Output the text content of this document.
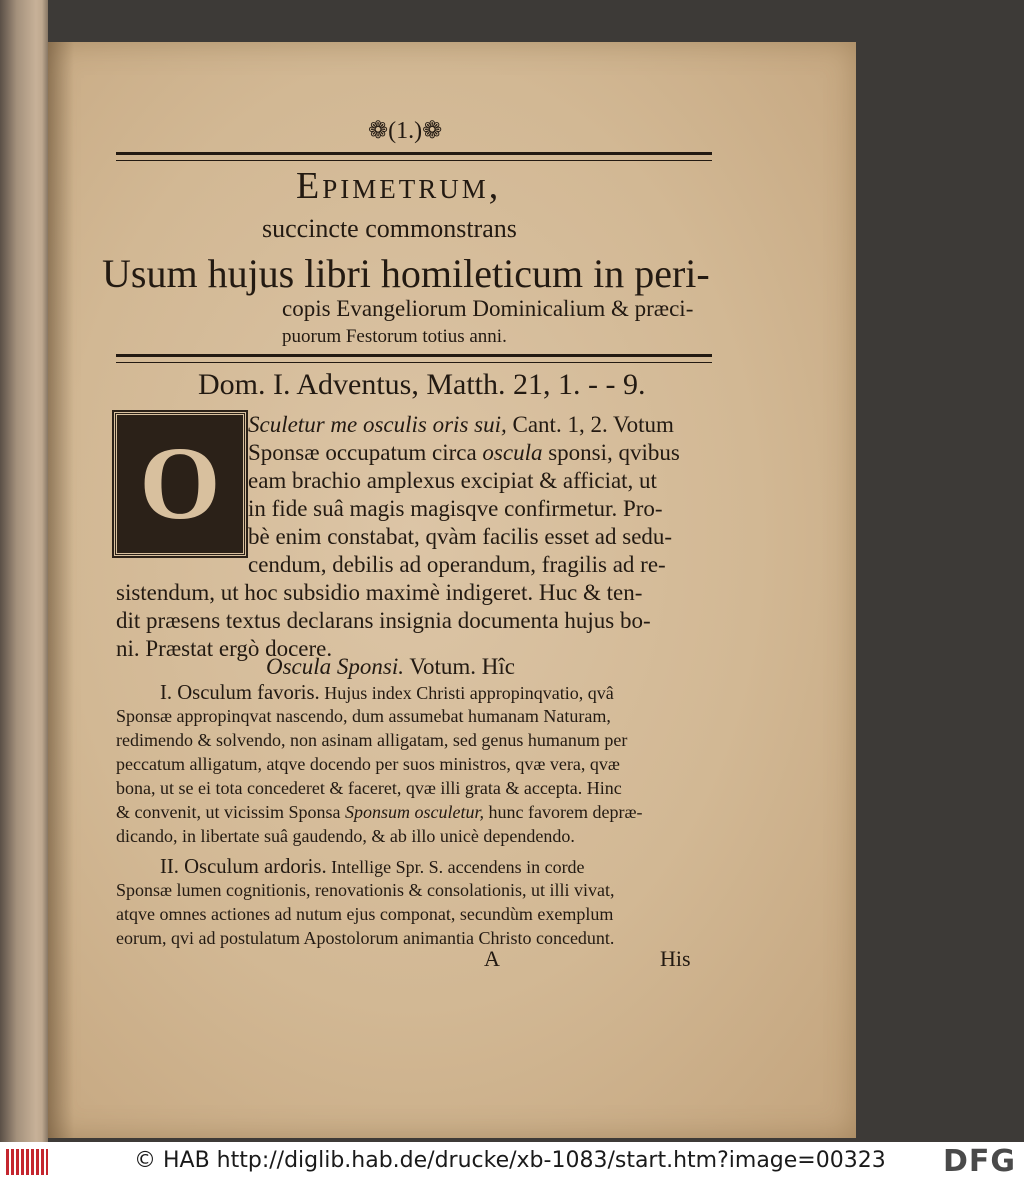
❁(1.)❁
Epimetrum,
succincte commonstrans
Usum hujus libri homileticum in peri-
copis Evangeliorum Dominicalium & præci-
puorum Festorum totius anni.
Dom. I. Adventus, Matth. 21, 1. - - 9.
O
Sculetur me osculis oris sui, Cant. 1, 2. Votum
Sponsæ occupatum circa oscula sponsi, qvibus
eam brachio amplexus excipiat & afficiat, ut
in fide suâ magis magisqve confirmetur. Pro-
bè enim constabat, qvàm facilis esset ad sedu-
cendum, debilis ad operandum, fragilis ad re-
sistendum, ut hoc subsidio maximè indigeret. Huc & ten-
dit præsens textus declarans insignia documenta hujus bo-
ni. Præstat ergò docere.
Oscula Sponsi. Votum. Hîc
I. Osculum favoris. Hujus index Christi appropinqvatio, qvâ
Sponsæ appropinqvat nascendo, dum assumebat humanam Naturam,
redimendo & solvendo, non asinam alligatam, sed genus humanum per
peccatum alligatum, atqve docendo per suos ministros, qvæ vera, qvæ
bona, ut se ei tota concederet & faceret, qvæ illi grata & accepta. Hinc
& convenit, ut vicissim Sponsa Sponsum osculetur, hunc favorem depræ-
dicando, in libertate suâ gaudendo, & ab illo unicè dependendo.
II. Osculum ardoris. Intellige Spr. S. accendens in corde
Sponsæ lumen cognitionis, renovationis & consolationis, ut illi vivat,
atqve omnes actiones ad nutum ejus componat, secundùm exemplum
eorum, qvi ad postulatum Apostolorum animantia Christo concedunt.
A	His
© HAB http://diglib.hab.de/drucke/xb-1083/start.htm?image=00323 DFG
